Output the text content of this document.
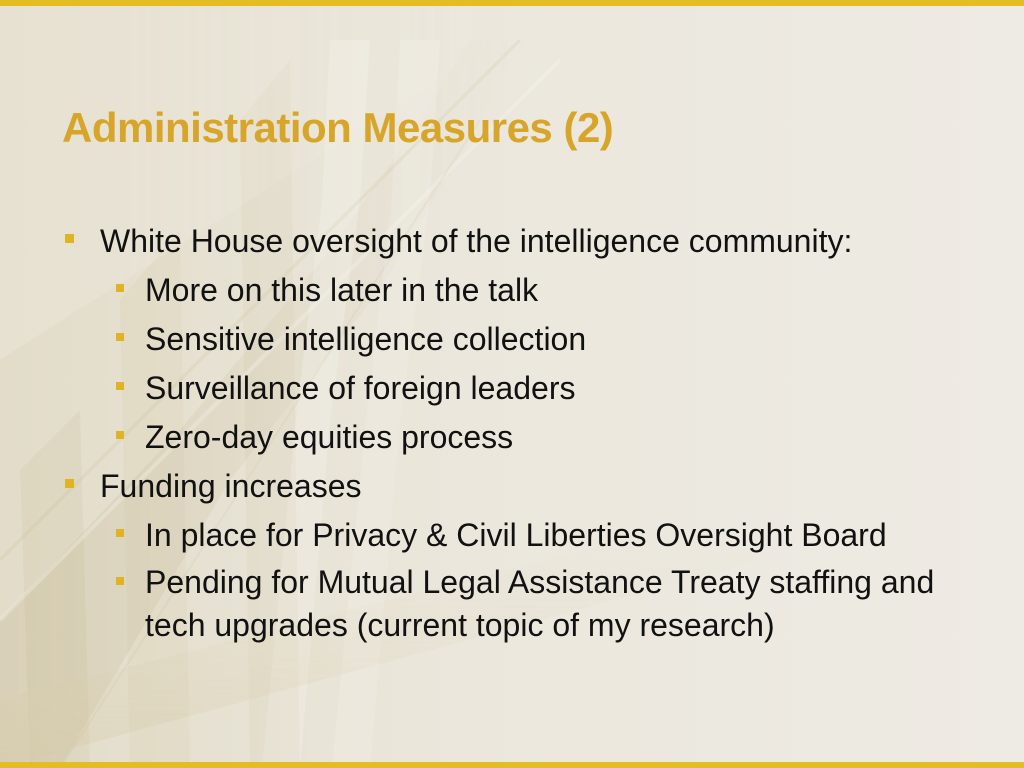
Administration Measures (2)
White House oversight of the intelligence community:
More on this later in the talk
Sensitive intelligence collection
Surveillance of foreign leaders
Zero-day equities process
Funding increases
In place for Privacy & Civil Liberties Oversight Board
Pending for Mutual Legal Assistance Treaty staffing and tech upgrades (current topic of my research)
